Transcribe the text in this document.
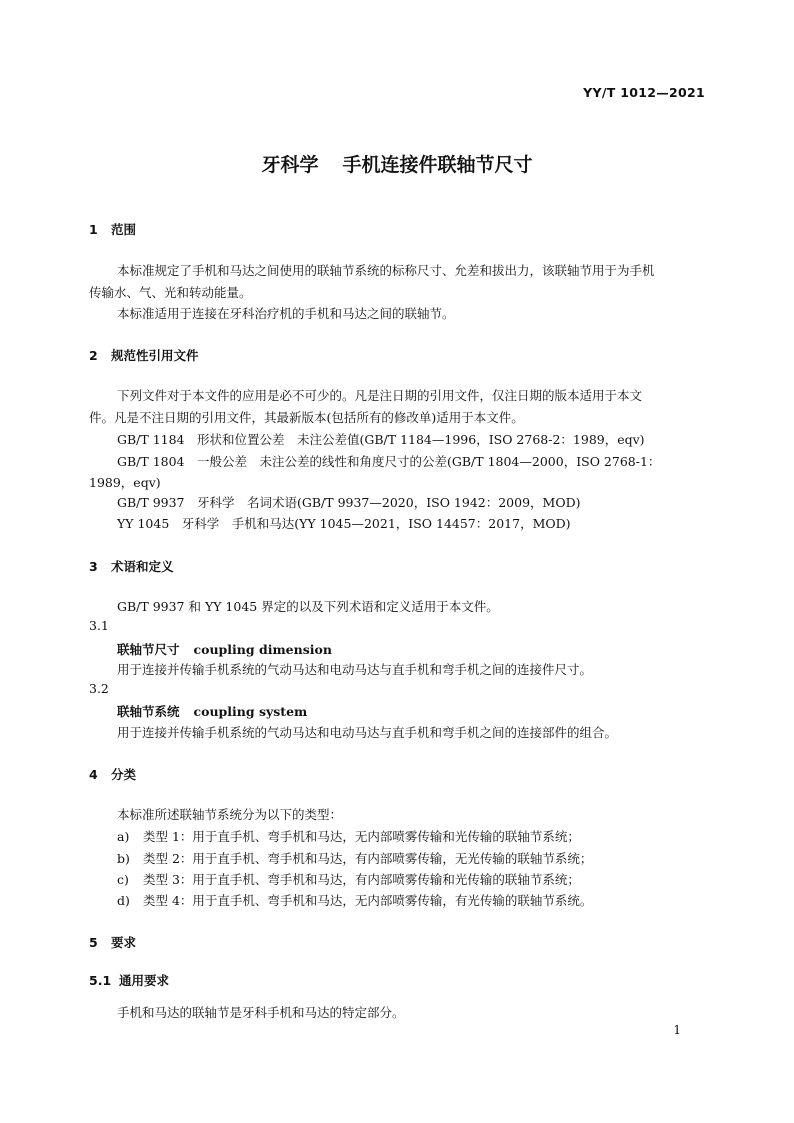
YY/T 1012—2021
牙科学 手机连接件联轴节尺寸
1 范围
本标准规定了手机和马达之间使用的联轴节系统的标称尺寸、允差和拔出力，该联轴节用于为手机
传输水、气、光和转动能量。
本标准适用于连接在牙科治疗机的手机和马达之间的联轴节。
2 规范性引用文件
下列文件对于本文件的应用是必不可少的。凡是注日期的引用文件，仅注日期的版本适用于本文
件。凡是不注日期的引用文件，其最新版本(包括所有的修改单)适用于本文件。
GB/T 1184　形状和位置公差　未注公差值(GB/T 1184—1996，ISO 2768-2：1989，eqv)
GB/T 1804　一般公差　未注公差的线性和角度尺寸的公差(GB/T 1804—2000，ISO 2768-1：
1989，eqv)
GB/T 9937　牙科学　名词术语(GB/T 9937—2020，ISO 1942：2009，MOD)
YY 1045　牙科学　手机和马达(YY 1045—2021，ISO 14457：2017，MOD)
3 术语和定义
GB/T 9937 和 YY 1045 界定的以及下列术语和定义适用于本文件。
3.1
联轴节尺寸 coupling dimension
用于连接并传输手机系统的气动马达和电动马达与直手机和弯手机之间的连接件尺寸。
3.2
联轴节系统 coupling system
用于连接并传输手机系统的气动马达和电动马达与直手机和弯手机之间的连接部件的组合。
4 分类
本标准所述联轴节系统分为以下的类型：
a) 类型 1：用于直手机、弯手机和马达，无内部喷雾传输和光传输的联轴节系统；
b) 类型 2：用于直手机、弯手机和马达，有内部喷雾传输，无光传输的联轴节系统；
c) 类型 3：用于直手机、弯手机和马达，有内部喷雾传输和光传输的联轴节系统；
d) 类型 4：用于直手机、弯手机和马达，无内部喷雾传输，有光传输的联轴节系统。
5 要求
5.1 通用要求
手机和马达的联轴节是牙科手机和马达的特定部分。
1
